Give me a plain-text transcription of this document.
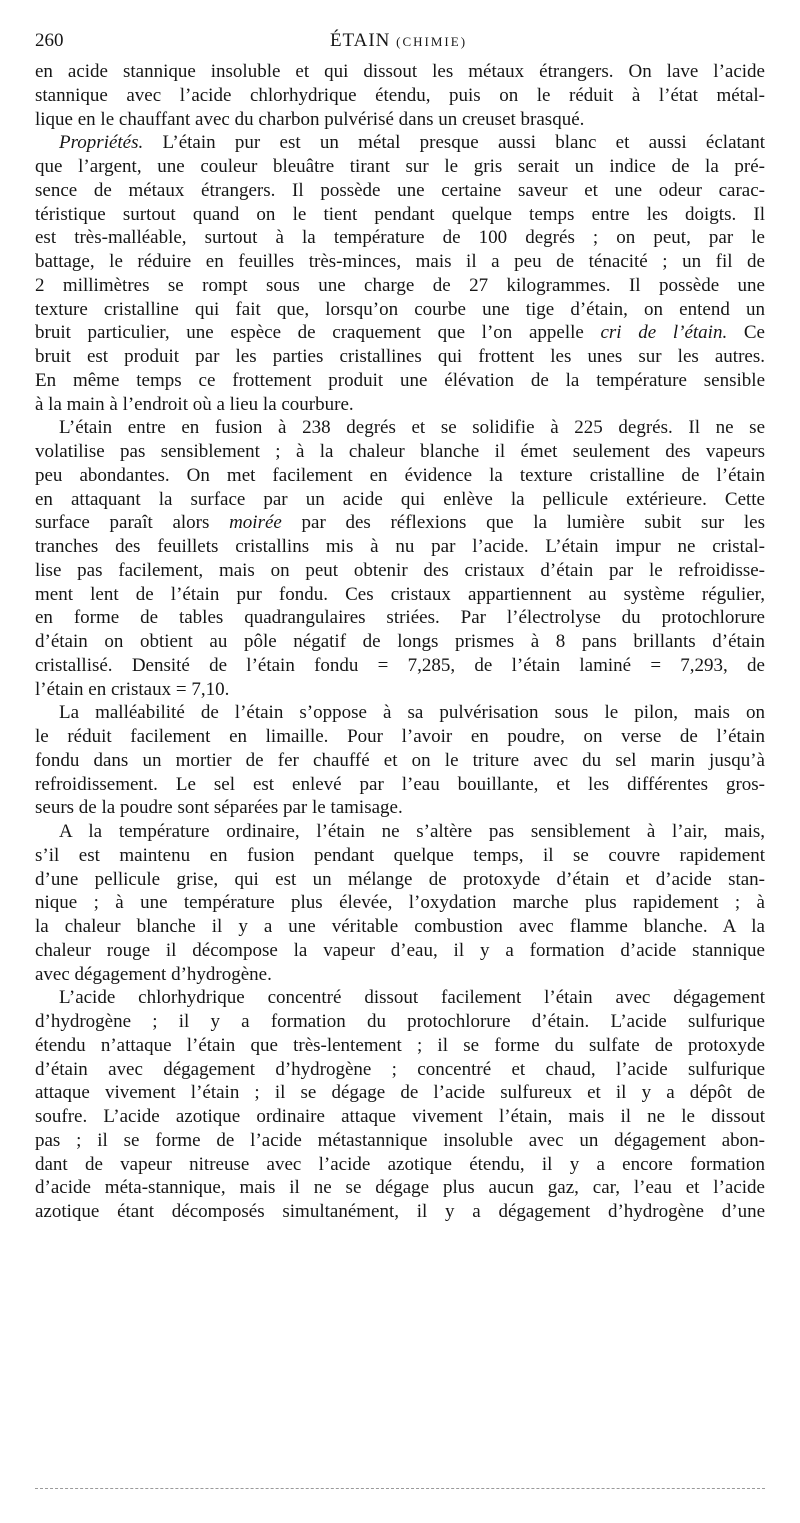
260	ÉTAIN (CHIMIE)
en acide stannique insoluble et qui dissout les métaux étrangers. On lave l’acide
stannique avec l’acide chlorhydrique étendu, puis on le réduit à l’état métal-
lique en le chauffant avec du charbon pulvérisé dans un creuset brasqué.
Propriétés. L’étain pur est un métal presque aussi blanc et aussi éclatant
que l’argent, une couleur bleuâtre tirant sur le gris serait un indice de la pré-
sence de métaux étrangers. Il possède une certaine saveur et une odeur carac-
téristique surtout quand on le tient pendant quelque temps entre les doigts. Il
est très-malléable, surtout à la température de 100 degrés ; on peut, par le
battage, le réduire en feuilles très-minces, mais il a peu de ténacité ; un fil de
2 millimètres se rompt sous une charge de 27 kilogrammes. Il possède une
texture cristalline qui fait que, lorsqu’on courbe une tige d’étain, on entend un
bruit particulier, une espèce de craquement que l’on appelle cri de l’étain. Ce
bruit est produit par les parties cristallines qui frottent les unes sur les autres.
En même temps ce frottement produit une élévation de la température sensible
à la main à l’endroit où a lieu la courbure.
L’étain entre en fusion à 238 degrés et se solidifie à 225 degrés. Il ne se
volatilise pas sensiblement ; à la chaleur blanche il émet seulement des vapeurs
peu abondantes. On met facilement en évidence la texture cristalline de l’étain
en attaquant la surface par un acide qui enlève la pellicule extérieure. Cette
surface paraît alors moirée par des réflexions que la lumière subit sur les
tranches des feuillets cristallins mis à nu par l’acide. L’étain impur ne cristal-
lise pas facilement, mais on peut obtenir des cristaux d’étain par le refroidisse-
ment lent de l’étain pur fondu. Ces cristaux appartiennent au système régulier,
en forme de tables quadrangulaires striées. Par l’électrolyse du protochlorure
d’étain on obtient au pôle négatif de longs prismes à 8 pans brillants d’étain
cristallisé. Densité de l’étain fondu = 7,285, de l’étain laminé = 7,293, de
l’étain en cristaux = 7,10.
La malléabilité de l’étain s’oppose à sa pulvérisation sous le pilon, mais on
le réduit facilement en limaille. Pour l’avoir en poudre, on verse de l’étain
fondu dans un mortier de fer chauffé et on le triture avec du sel marin jusqu’à
refroidissement. Le sel est enlevé par l’eau bouillante, et les différentes gros-
seurs de la poudre sont séparées par le tamisage.
A la température ordinaire, l’étain ne s’altère pas sensiblement à l’air, mais,
s’il est maintenu en fusion pendant quelque temps, il se couvre rapidement
d’une pellicule grise, qui est un mélange de protoxyde d’étain et d’acide stan-
nique ; à une température plus élevée, l’oxydation marche plus rapidement ; à
la chaleur blanche il y a une véritable combustion avec flamme blanche. A la
chaleur rouge il décompose la vapeur d’eau, il y a formation d’acide stannique
avec dégagement d’hydrogène.
L’acide chlorhydrique concentré dissout facilement l’étain avec dégagement
d’hydrogène ; il y a formation du protochlorure d’étain. L’acide sulfurique
étendu n’attaque l’étain que très-lentement ; il se forme du sulfate de protoxyde
d’étain avec dégagement d’hydrogène ; concentré et chaud, l’acide sulfurique
attaque vivement l’étain ; il se dégage de l’acide sulfureux et il y a dépôt de
soufre. L’acide azotique ordinaire attaque vivement l’étain, mais il ne le dissout
pas ; il se forme de l’acide métastannique insoluble avec un dégagement abon-
dant de vapeur nitreuse avec l’acide azotique étendu, il y a encore formation
d’acide méta-stannique, mais il ne se dégage plus aucun gaz, car, l’eau et l’acide
azotique étant décomposés simultanément, il y a dégagement d’hydrogène d’une
